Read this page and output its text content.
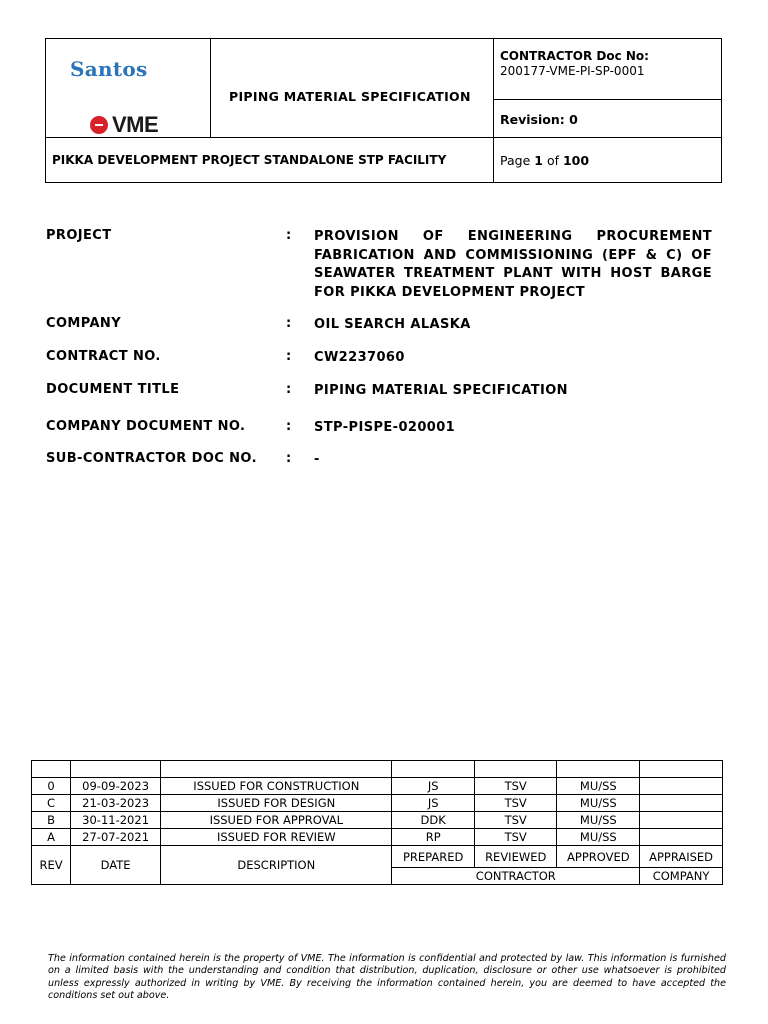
Santos
VME
PIPING MATERIAL SPECIFICATION
CONTRACTOR Doc No:
200177-VME-PI-SP-0001
Revision: 0
PIKKA DEVELOPMENT PROJECT STANDALONE STP FACILITY	Page 1 of 100
PROJECT	: PROVISION OF ENGINEERING PROCUREMENT FABRICATION AND COMMISSIONING (EPF & C) OF SEAWATER TREATMENT PLANT WITH HOST BARGE FOR PIKKA DEVELOPMENT PROJECT
COMPANY	: OIL SEARCH ALASKA
CONTRACT NO.	: CW2237060
DOCUMENT TITLE	: PIPING MATERIAL SPECIFICATION
COMPANY DOCUMENT NO.	: STP-PISPE-020001
SUB-CONTRACTOR DOC NO. : -

0	09-09-2023	ISSUED FOR CONSTRUCTION	JS	TSV	MU/SS	
C	21-03-2023	ISSUED FOR DESIGN	JS	TSV	MU/SS	
B	30-11-2021	ISSUED FOR APPROVAL	DDK	TSV	MU/SS	
A	27-07-2021	ISSUED FOR REVIEW	RP	TSV	MU/SS	
REV	DATE	DESCRIPTION	PREPARED	REVIEWED	APPROVED	APPRAISED
			CONTRACTOR			COMPANY
The information contained herein is the property of VME. The information is confidential and protected by law. This information is furnished on a limited basis with the understanding and condition that distribution, duplication, disclosure or other use whatsoever is prohibited unless expressly authorized in writing by VME. By receiving the information contained herein, you are deemed to have accepted the conditions set out above.
